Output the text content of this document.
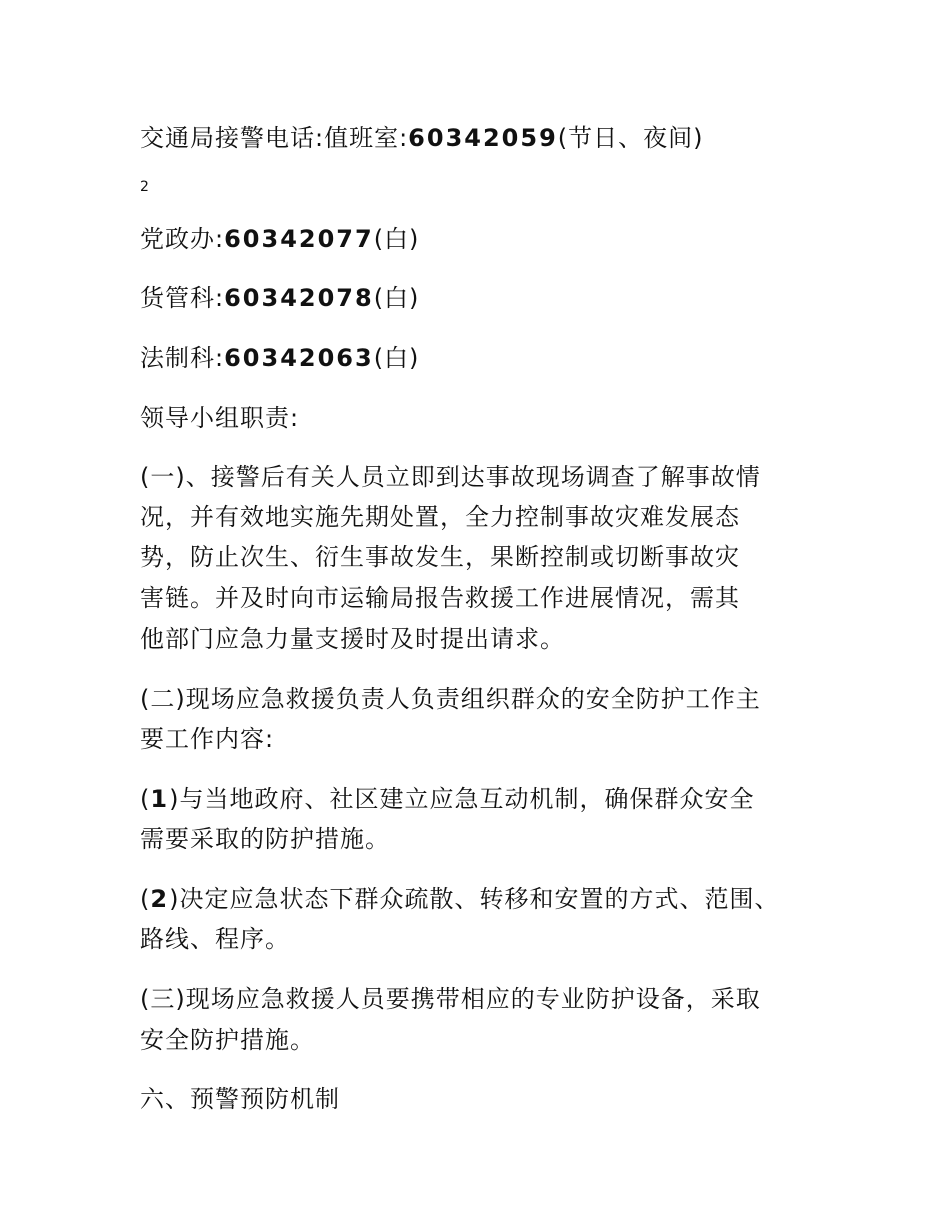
交通局接警电话:值班室:60342059(节日、夜间)
2
党政办:60342077(白)
货管科:60342078(白)
法制科:60342063(白)
领导小组职责:
(一)、接警后有关人员立即到达事故现场调查了解事故情
况，并有效地实施先期处置，全力控制事故灾难发展态
势，防止次生、衍生事故发生，果断控制或切断事故灾
害链。并及时向市运输局报告救援工作进展情况，需其
他部门应急力量支援时及时提出请求。
(二)现场应急救援负责人负责组织群众的安全防护工作主
要工作内容:
(1)与当地政府、社区建立应急互动机制，确保群众安全
需要采取的防护措施。
(2)决定应急状态下群众疏散、转移和安置的方式、范围、
路线、程序。
(三)现场应急救援人员要携带相应的专业防护设备，采取
安全防护措施。
六、预警预防机制
